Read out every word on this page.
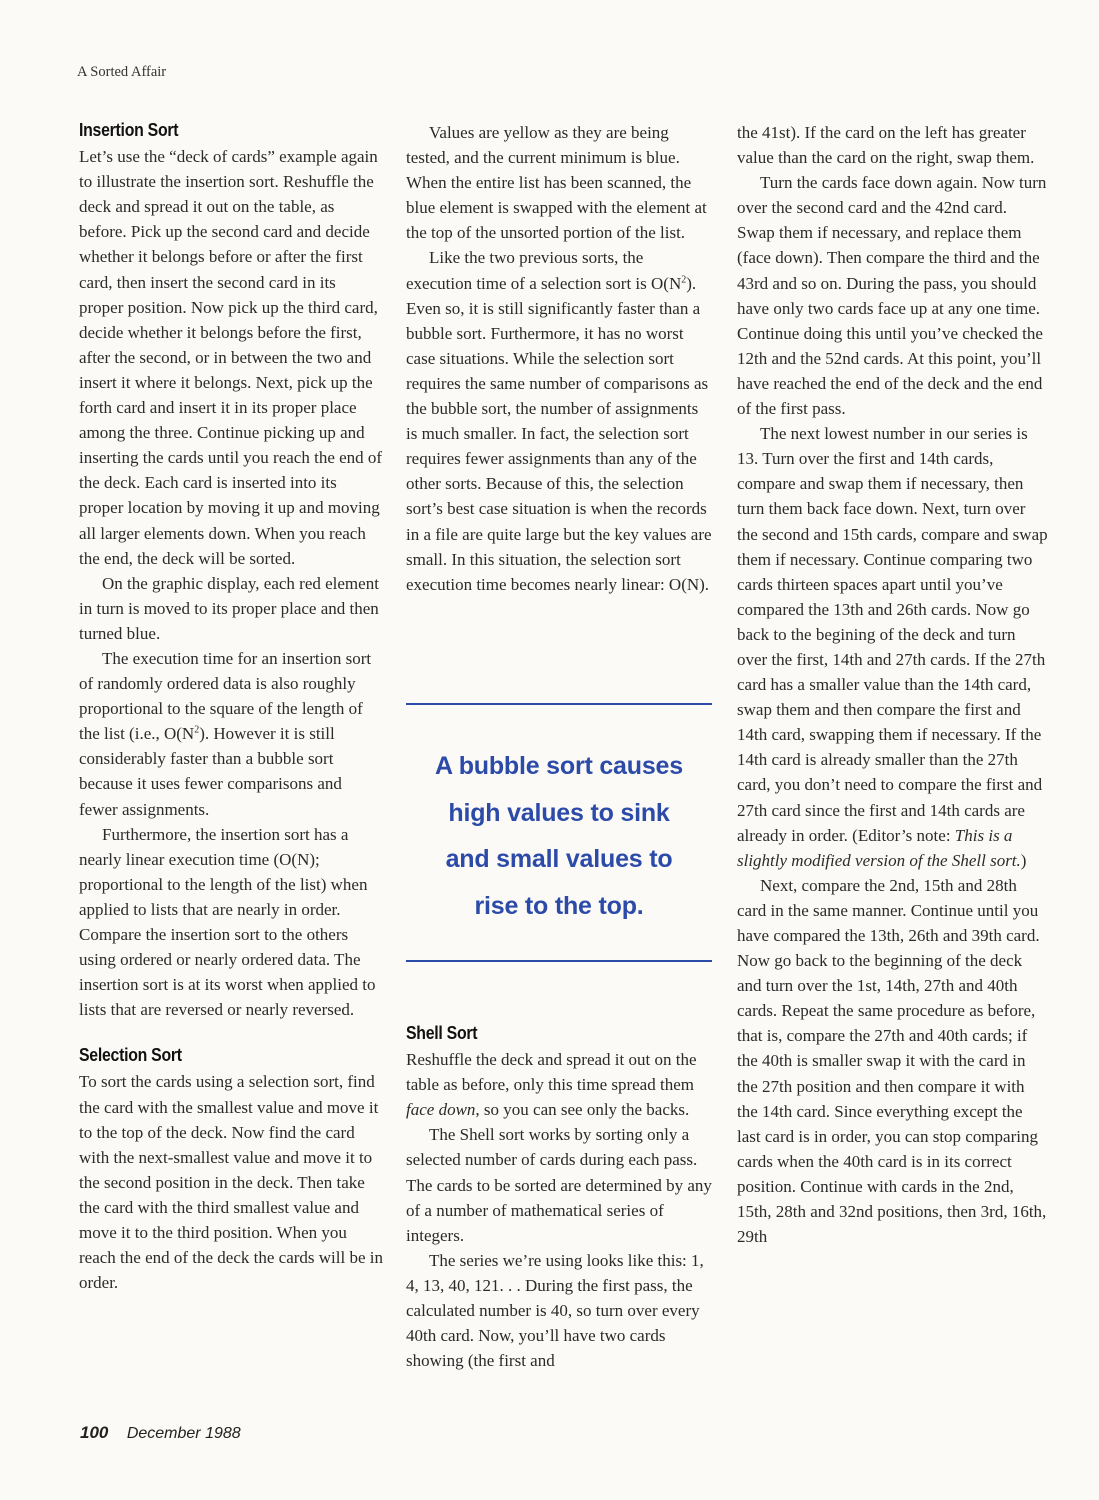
A Sorted Affair
Insertion Sort

Let’s use the “deck of cards” example again to illustrate the insertion sort. Reshuffle the deck and spread it out on the table, as before. Pick up the second card and decide whether it belongs before or after the first card, then insert the second card in its proper position. Now pick up the third card, decide whether it belongs before the first, after the second, or in between the two and insert it where it belongs. Next, pick up the forth card and insert it in its proper place among the three. Continue picking up and inserting the cards until you reach the end of the deck. Each card is inserted into its proper location by moving it up and moving all larger elements down. When you reach the end, the deck will be sorted.

On the graphic display, each red element in turn is moved to its proper place and then turned blue.

The execution time for an insertion sort of randomly ordered data is also roughly proportional to the square of the length of the list (i.e., $O(N^2)$. However it is still considerably faster than a bubble sort because it uses fewer comparisons and fewer assignments.

Furthermore, the insertion sort has a nearly linear execution time (O(N); proportional to the length of the list) when applied to lists that are nearly in order. Compare the insertion sort to the others using ordered or nearly ordered data. The insertion sort is at its worst when applied to lists that are reversed or nearly reversed.

Selection Sort

To sort the cards using a selection sort, find the card with the smallest value and move it to the top of the deck. Now find the card with the next-smallest value and move it to the second position in the deck. Then take the card with the third smallest value and move it to the third position. When you reach the end of the deck the cards will be in order.

Values are yellow as they are being tested, and the current minimum is blue. When the entire list has been scanned, the blue element is swapped with the element at the top of the unsorted portion of the list.

Like the two previous sorts, the execution time of a selection sort is $O(N^2)$. Even so, it is still significantly faster than a bubble sort. Furthermore, it has no worst case situations. While the selection sort requires the same number of comparisons as the bubble sort, the number of assignments is much smaller. In fact, the selection sort requires fewer assignments than any of the other sorts. Because of this, the selection sort’s best case situation is when the records in a file are quite large but the key values are small. In this situation, the selection sort execution time becomes nearly linear: O(N).

A bubble sort causes
high values to sink
and small values to
rise to the top.
Shell Sort

Reshuffle the deck and spread it out on the table as before, only this time spread them face down, so you can see only the backs.

The Shell sort works by sorting only a selected number of cards during each pass. The cards to be sorted are determined by any of a number of mathematical series of integers.

The series we’re using looks like this: 1, 4, 13, 40, 121. . . During the first pass, the calculated number is 40, so turn over every 40th card. Now, you’ll have two cards showing (the first and

the 41st). If the card on the left has greater value than the card on the right, swap them.

Turn the cards face down again. Now turn over the second card and the 42nd card. Swap them if necessary, and replace them (face down). Then compare the third and the 43rd and so on. During the pass, you should have only two cards face up at any one time. Continue doing this until you’ve checked the 12th and the 52nd cards. At this point, you’ll have reached the end of the deck and the end of the first pass.

The next lowest number in our series is 13. Turn over the first and 14th cards, compare and swap them if necessary, then turn them back face down. Next, turn over the second and 15th cards, compare and swap them if necessary. Continue comparing two cards thirteen spaces apart until you’ve compared the 13th and 26th cards. Now go back to the begining of the deck and turn over the first, 14th and 27th cards. If the 27th card has a smaller value than the 14th card, swap them and then compare the first and 14th card, swapping them if necessary. If the 14th card is already smaller than the 27th card, you don’t need to compare the first and 27th card since the first and 14th cards are already in order. (Editor’s note: This is a slightly modified version of the Shell sort.)

Next, compare the 2nd, 15th and 28th card in the same manner. Continue until you have compared the 13th, 26th and 39th card. Now go back to the beginning of the deck and turn over the 1st, 14th, 27th and 40th cards. Repeat the same procedure as before, that is, compare the 27th and 40th cards; if the 40th is smaller swap it with the card in the 27th position and then compare it with the 14th card. Since everything except the last card is in order, you can stop comparing cards when the 40th card is in its correct position. Continue with cards in the 2nd, 15th, 28th and 32nd positions, then 3rd, 16th, 29th

100 December 1988
